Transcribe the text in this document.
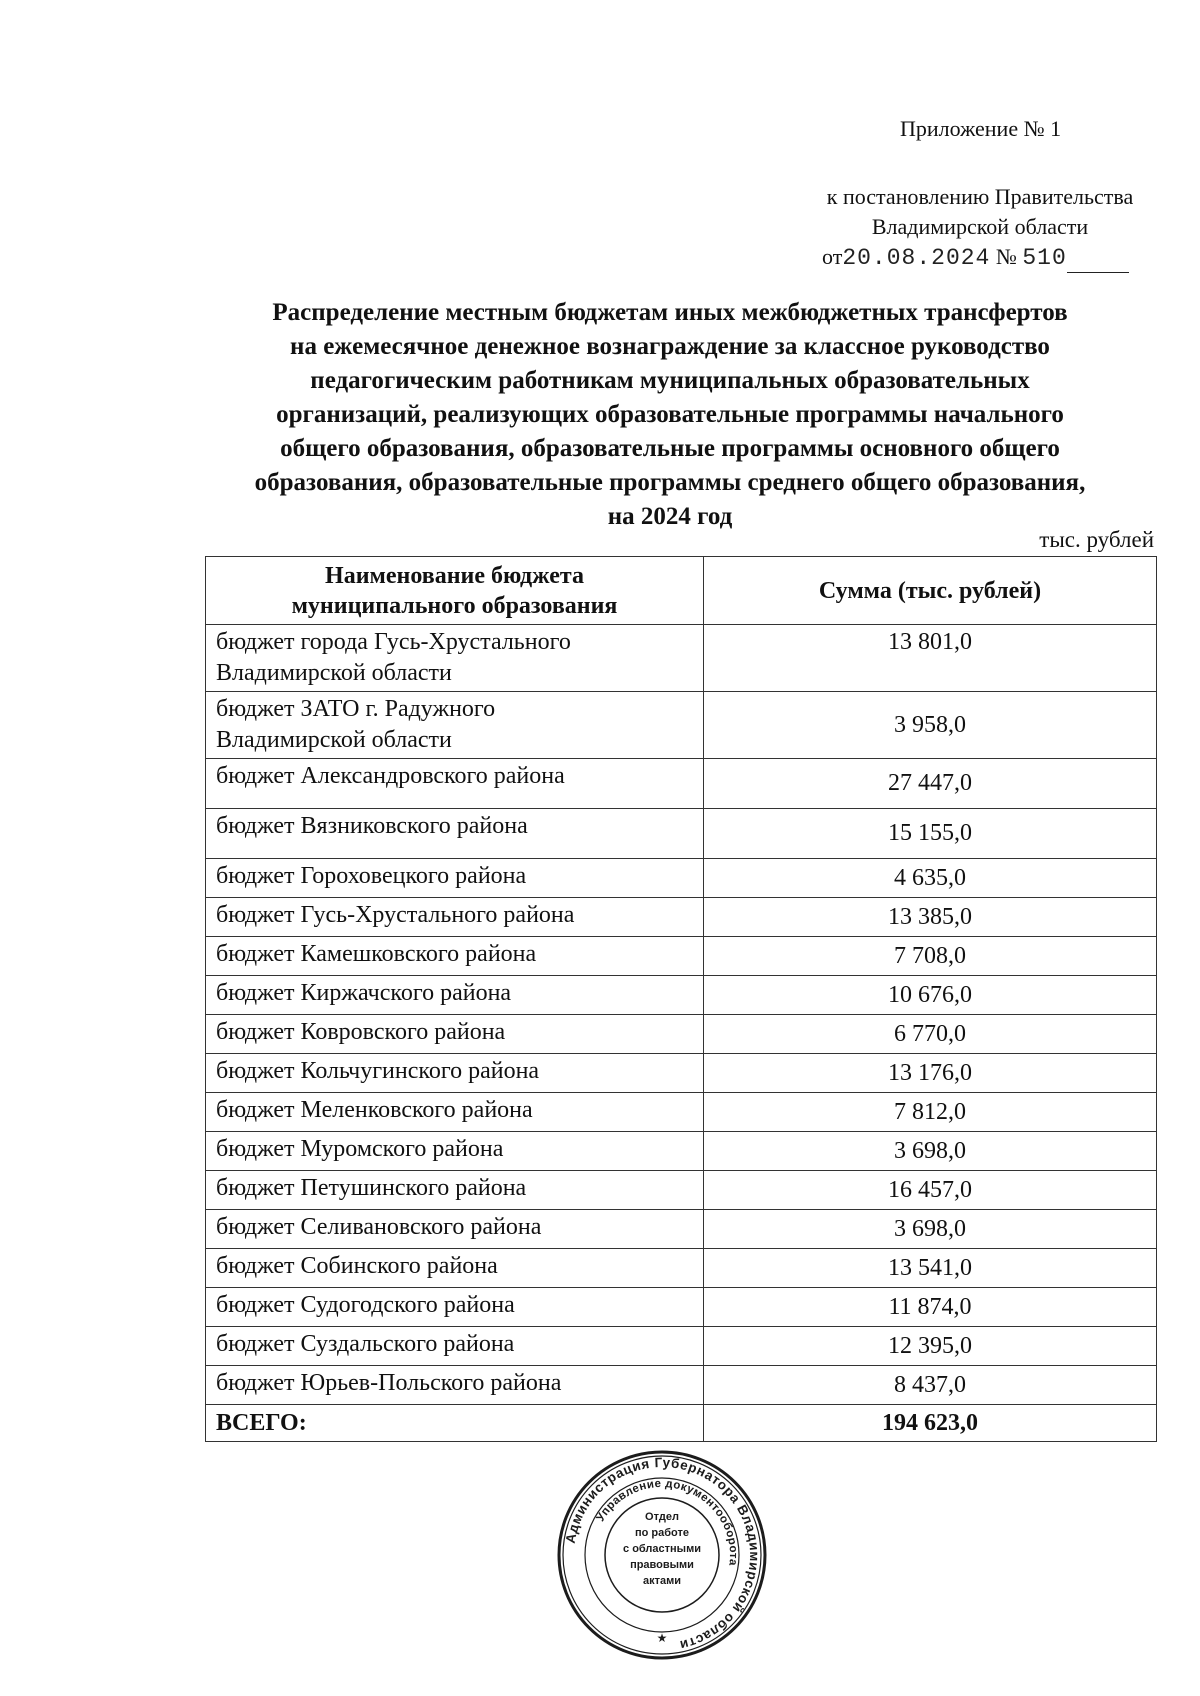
Приложение № 1
к постановлению Правительства
Владимирской области
от20.08.2024 № 510
Распределение местным бюджетам иных межбюджетных трансфертов
на ежемесячное денежное вознаграждение за классное руководство
педагогическим работникам муниципальных образовательных
организаций, реализующих образовательные программы начального
общего образования, образовательные программы основного общего
образования, образовательные программы среднего общего образования,
на 2024 год
тыс. рублей
Наименование бюджета
муниципального образования	Сумма (тыс. рублей)

бюджет города Гусь-Хрустального
Владимирской области	13 801,0

бюджет ЗАТО г. Радужного
Владимирской области	3 958,0
бюджет Александровского района	27 447,0
бюджет Вязниковского района	15 155,0
бюджет Гороховецкого района	4 635,0
бюджет Гусь-Хрустального района	13 385,0
бюджет Камешковского района	7 708,0
бюджет Киржачского района	10 676,0
бюджет Ковровского района	6 770,0
бюджет Кольчугинского района	13 176,0
бюджет Меленковского района	7 812,0
бюджет Муромского района	3 698,0
бюджет Петушинского района	16 457,0
бюджет Селивановского района	3 698,0
бюджет Собинского района	13 541,0
бюджет Судогодского района	11 874,0
бюджет Суздальского района	12 395,0
бюджет Юрьев-Польского района	8 437,0
ВСЕГО:	194 623,0
Администрация Губернатора Владимирской области
Управление документооборота
★
Отдел
по работе
с областными
правовыми
актами
